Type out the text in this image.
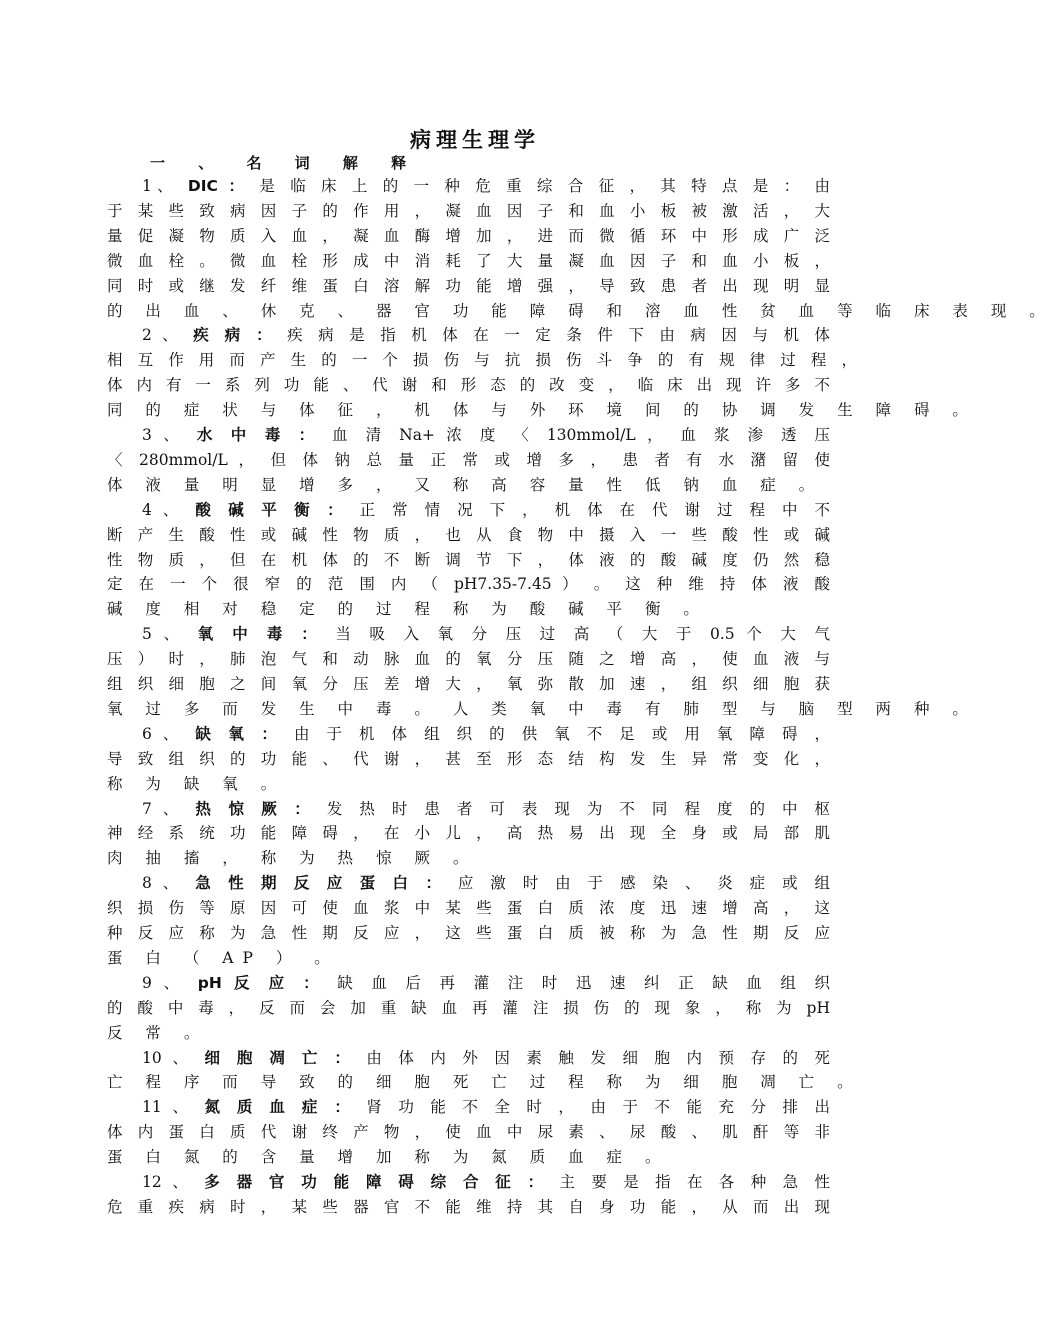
病理生理学
一 、 名 词 解 释

1、 DIC ： 是 临 床 上 的 一 种 危 重 综 合 征 ， 其 特 点 是 ： 由

于 某 些 致 病 因 子 的 作 用 ， 凝 血 因 子 和 血 小 板 被 激 活 ， 大

量 促 凝 物 质 入 血 ， 凝 血 酶 增 加 ， 进 而 微 循 环 中 形 成 广 泛

微 血 栓 。 微 血 栓 形 成 中 消 耗 了 大 量 凝 血 因 子 和 血 小 板 ，

同 时 或 继 发 纤 维 蛋 白 溶 解 功 能 增 强 ， 导 致 患 者 出 现 明 显

的 出 血 、 休 克 、 器 官 功 能 障 碍 和 溶 血 性 贫 血 等 临 床 表 现 。

2 、 疾 病 ： 疾 病 是 指 机 体 在 一 定 条 件 下 由 病 因 与 机 体

相 互 作 用 而 产 生 的 一 个 损 伤 与 抗 损 伤 斗 争 的 有 规 律 过 程 ，

体 内 有 一 系 列 功 能 、 代 谢 和 形 态 的 改 变 ， 临 床 出 现 许 多 不

同 的 症 状 与 体 征 ， 机 体 与 外 环 境 间 的 协 调 发 生 障 碍 。

3 、 水 中 毒 ： 血 清 Na+ 浓 度 〈 130mmol/L ， 血 浆 渗 透 压

〈 280mmol/L ， 但 体 钠 总 量 正 常 或 增 多 ， 患 者 有 水 潴 留 使

体 液 量 明 显 增 多 ， 又 称 高 容 量 性 低 钠 血 症 。

4 、 酸 碱 平 衡 ： 正 常 情 况 下 ， 机 体 在 代 谢 过 程 中 不

断 产 生 酸 性 或 碱 性 物 质 ， 也 从 食 物 中 摄 入 一 些 酸 性 或 碱

性 物 质 ， 但 在 机 体 的 不 断 调 节 下 ， 体 液 的 酸 碱 度 仍 然 稳

定 在 一 个 很 窄 的 范 围 内 （ pH7.35-7.45 ） 。 这 种 维 持 体 液 酸

碱 度 相 对 稳 定 的 过 程 称 为 酸 碱 平 衡 。

5 、 氧 中 毒 ： 当 吸 入 氧 分 压 过 高 （ 大 于 0.5 个 大 气

压 ） 时 ， 肺 泡 气 和 动 脉 血 的 氧 分 压 随 之 增 高 ， 使 血 液 与

组 织 细 胞 之 间 氧 分 压 差 增 大 ， 氧 弥 散 加 速 ， 组 织 细 胞 获

氧 过 多 而 发 生 中 毒 。 人 类 氧 中 毒 有 肺 型 与 脑 型 两 种 。

6 、 缺 氧 ： 由 于 机 体 组 织 的 供 氧 不 足 或 用 氧 障 碍 ，

导 致 组 织 的 功 能 、 代 谢 ， 甚 至 形 态 结 构 发 生 异 常 变 化 ，

称 为 缺 氧 。

7 、 热 惊 厥 ： 发 热 时 患 者 可 表 现 为 不 同 程 度 的 中 枢

神 经 系 统 功 能 障 碍 ， 在 小 儿 ， 高 热 易 出 现 全 身 或 局 部 肌

肉 抽 搐 ， 称 为 热 惊 厥 。

8 、 急 性 期 反 应 蛋 白 ： 应 激 时 由 于 感 染 、 炎 症 或 组

织 损 伤 等 原 因 可 使 血 浆 中 某 些 蛋 白 质 浓 度 迅 速 增 高 ， 这

种 反 应 称 为 急 性 期 反 应 ， 这 些 蛋 白 质 被 称 为 急 性 期 反 应

蛋 白 （ AP ） 。

9 、 pH 反 应 ： 缺 血 后 再 灌 注 时 迅 速 纠 正 缺 血 组 织

的 酸 中 毒 ， 反 而 会 加 重 缺 血 再 灌 注 损 伤 的 现 象 ， 称 为 pH

反 常 。

10 、 细 胞 凋 亡 ： 由 体 内 外 因 素 触 发 细 胞 内 预 存 的 死

亡 程 序 而 导 致 的 细 胞 死 亡 过 程 称 为 细 胞 凋 亡 。

11 、 氮 质 血 症 ： 肾 功 能 不 全 时 ， 由 于 不 能 充 分 排 出

体 内 蛋 白 质 代 谢 终 产 物 ， 使 血 中 尿 素 、 尿 酸 、 肌 酐 等 非

蛋 白 氮 的 含 量 增 加 称 为 氮 质 血 症 。

12 、 多 器 官 功 能 障 碍 综 合 征 ： 主 要 是 指 在 各 种 急 性

危 重 疾 病 时 ， 某 些 器 官 不 能 维 持 其 自 身 功 能 ， 从 而 出 现
